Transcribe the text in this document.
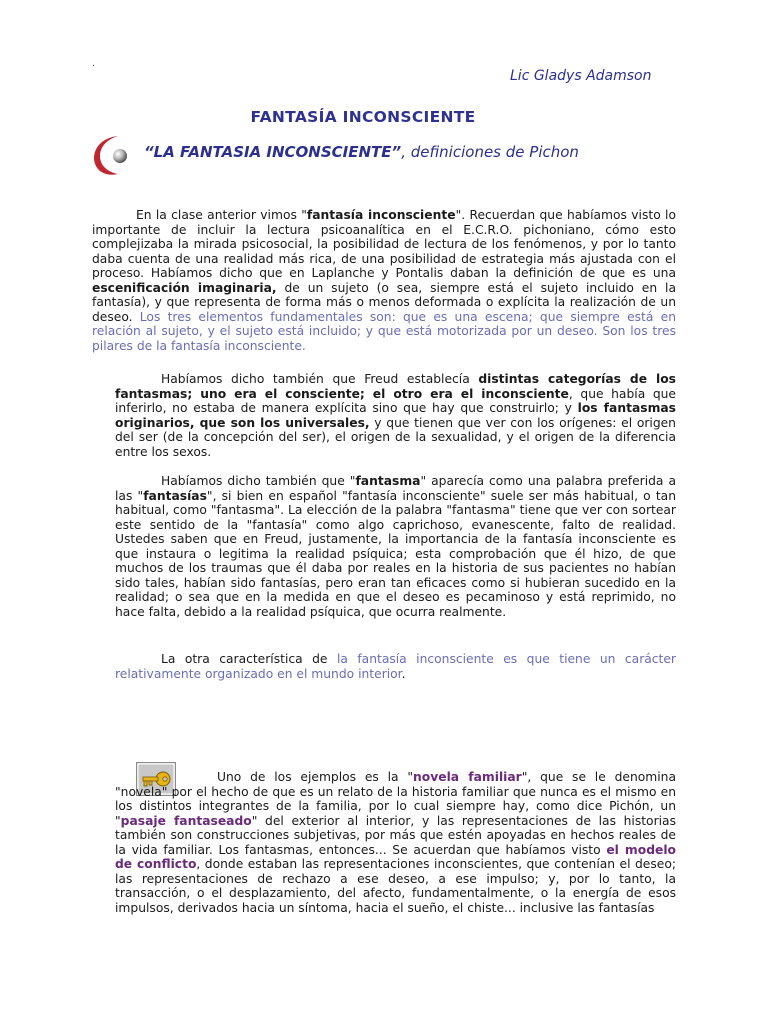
.
Lic Gladys Adamson
FANTASÍA INCONSCIENTE
“LA FANTASIA INCONSCIENTE”, definiciones de Pichon

En la clase anterior vimos "fantasía inconsciente". Recuerdan que habíamos visto lo importante de incluir la lectura psicoanalítica en el E.C.R.O. pichoniano, cómo esto complejizaba la mirada psicosocial, la posibilidad de lectura de los fenómenos, y por lo tanto daba cuenta de una realidad más rica, de una posibilidad de estrategia más ajustada con el proceso. Habíamos dicho que en Laplanche y Pontalis daban la definición de que es una escenificación imaginaria, de un sujeto (o sea, siempre está el sujeto incluido en la fantasía), y que representa de forma más o menos deformada o explícita la realización de un deseo. Los tres elementos fundamentales son: que es una escena; que siempre está en relación al sujeto, y el sujeto está incluido; y que está motorizada por un deseo. Son los tres pilares de la fantasía inconsciente.

Habíamos dicho también que Freud establecía distintas categorías de los fantasmas; uno era el consciente; el otro era el inconsciente, que había que inferirlo, no estaba de manera explícita sino que hay que construirlo; y los fantasmas originarios, que son los universales, y que tienen que ver con los orígenes: el origen del ser (de la concepción del ser), el origen de la sexualidad, y el origen de la diferencia entre los sexos.

Habíamos dicho también que "fantasma" aparecía como una palabra preferida a las "fantasías", si bien en español "fantasía inconsciente" suele ser más habitual, o tan habitual, como "fantasma". La elección de la palabra "fantasma" tiene que ver con sortear este sentido de la "fantasía" como algo caprichoso, evanescente, falto de realidad. Ustedes saben que en Freud, justamente, la importancia de la fantasía inconsciente es que instaura o legitima la realidad psíquica; esta comprobación que él hizo, de que muchos de los traumas que él daba por reales en la historia de sus pacientes no habían sido tales, habían sido fantasías, pero eran tan eficaces como si hubieran sucedido en la realidad; o sea que en la medida en que el deseo es pecaminoso y está reprimido, no hace falta, debido a la realidad psíquica, que ocurra realmente.

La otra característica de la fantasía inconsciente es que tiene un carácter relativamente organizado en el mundo interior.

Uno de los ejemplos es la "novela familiar", que se le denomina "novela" por el hecho de que es un relato de la historia familiar que nunca es el mismo en los distintos integrantes de la familia, por lo cual siempre hay, como dice Pichón, un "pasaje fantaseado" del exterior al interior, y las representaciones de las historias también son construcciones subjetivas, por más que estén apoyadas en hechos reales de la vida familiar. Los fantasmas, entonces... Se acuerdan que habíamos visto el modelo de conflicto, donde estaban las representaciones inconscientes, que contenían el deseo; las representaciones de rechazo a ese deseo, a ese impulso; y, por lo tanto, la transacción, o el desplazamiento, del afecto, fundamentalmente, o la energía de esos impulsos, derivados hacia un síntoma, hacia el sueño, el chiste... inclusive las fantasías
